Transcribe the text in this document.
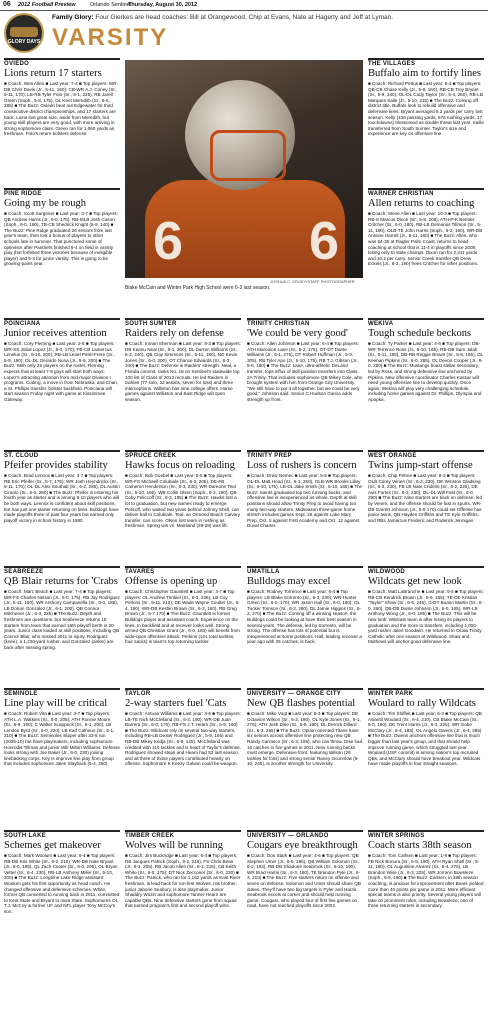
06 2012 Football Preview	Orlando Sentinel
Thursday, August 30, 2012
GLORY DAYS
Family Glory: Four Gierkes are head coaches: Bill at Orangewood, Chip at Evans, Nate at Hagerty and Jeff at Lyman.
VARSITY
6 6
JOSHUA C. CRUEY/STAFF PHOTOGRAPHER
Blake McCain and Winter Park High School were 6-3 last season.
OVIEDO
Lions return 17 starters
■ Coach: Wes Allen ■ Last year: 7-4 ■ Top players: WR-DB Chris Davis (Jr., 5-11, 160); CB-WR A.J. Coney (Sr., 5-11, 170); LB-RB Tyler Foto (Sr., 6-1, 225), RB Jarell Green (Soph., 5-8, 175), OL Kent Meredith (Sr., 6-5, 285) ■ The Buzz: Oviedo beat out Edgewater for third consecutive district championships, and 17 starters are back. Lions lost great size, aside from Meredith, but young skill players are very good, with more arriving in strong sophomore class. Green ran for 1,060 yards as freshman. Foto's return bolsters defense.
PINE RIDGE
Going my be rough
■ Coach: Scott Surgener ■ Last year: 3-7 ■ Top players: QB Andrew Harris (Jr., 6-0, 175), RB-MLB Josh Cason (Soph., 6-0, 160), TB-CB Shedrick Knight (5-9, 140) ■ The Buzz: Pine Ridge graduated 26 seniors from last year's team, then lost a bonus of players to other schools late in summer. That punctured some of optimism after Panthers finished 6-4 on field in varsity play (but forfeited three victories because of ineligible player) and 5-3 for junior varsity. This is going to be growing-pains year.
POINCIANA
Junior receives attention
■ Coach: Cory Fleming ■ Last year: 2-8 ■ Top players: WR-SS Jobal Lopez (Jr., 6-0, 170); FB-CB Lamercus Lenelus (Sr., 5-10, 200); RB-LB Leoel Petrit-Frere (Sr., 5-9, 190); OL-DL Gerardo Nuna (Jr., 5-9, 200) ■ The Buzz: With only 25 players on the roster, Fleming expects that at least 7-8 guys will start both ways. Lopez's attracting attention from mid-major Division I programs. Coding, a move in from Nebraska, and Chan, a St. Phillips transfer, bolster backfield. Poinciana will start season Friday night with game at Kissimmee Gateway.
ST. CLOUD
Pfeifer provides stability
■ Coach: Brad Lennox ■ Last year: 3-7 ■ Top players: RB Eric Pfeifer (Sr., 5-7, 175); WR Josh Heyndrickx (Sr., 5-11, 170); OL-DL Alex Southall (Sr., 6-2, 285), DL Austin Ciraolo (Sr., 6-0, 280) ■ The Buzz: Pfeifer is entering his fourth year as starter and is among 8-10 players who will be both ways. Lennox is confident about skill positions, but has just one starter returning on lines. Bulldogs have made playoffs three of past four years but earned only playoff victory in school history in 1980.
SEABREEZE
QB Blair returns for 'Crabs
■ Coach: Marc Beach ■ Last year: 7-4 ■ Top players: WR-FS Charles Nelson (Jr., 6-0, 175), RB Jay Rodriguez (Jr., 5-11, 180), WR Anthony Campanella (Sr., 6-0, 185), LB Dorian Gonzalez (Jr., 6-1, 200), QB Connor Mitchener (Jr., 6-3, 225) ■ The Buzz: Depth and freshmen are questions, but Seabreeze returns 18 starters from team that earned 16th playoff berth in 20 years. Junior class loaded at skill positions, including QB Connor Blair, who missed 2011 to injury. Rodriguez (knee), a 1,220-yard rusher, and Gonzalez (ankle) are back after missing spring.
SEMINOLE
Line play will be critical
■ Coach: Robert Vita ■ Last year: 3-7 ■ Top players: ATH L.A. Watkins (Sr., 6-0, 205); ATH Ronnie Moore (Sr., 5-9, 160); C Walter Scappeck (Sr., 6-1, 200); LB Lendon Byrd (Sr., 6-0, 220); LB Karl Calhoun (Sr., 6-1, 210) ■ The Buzz: Seminoles slipper after 33-8 run (2008-10) but have playmakers, including sophomore Honrodis Tillman and junior Will Milton Williams. Defense looks strong with Joe Baker (Jr., 6-0, 230) joining linebacking corps. Key is improve line play from group that includes sophomore Jalen Slayback (6-4, 250).
SOUTH LAKE
Schemes get makeover
■ Coach: Mark Woolum ■ Last year: 6-4 ■ Top players: RB-DB Kris White (Sr., 6-2, 210), WR-DB Nate Bryant (Jr., 6-0, 185), QL Zach Cooter (Sr., 6-0, 295), OL Bryan Vetter (Sr., 6-4, 230), RB-LB Anthony Miller (Sr., 5-10, 200) ■ The Buzz: Longtime Lake Ridge assistant Woolum gets his first opportunity as head coach. He changed offensive and defensive schemes. White, former QB converted to running back in 2011, committed to Kent State and Bryant to Iowa State. Sophomores OL T.J. McCoy & former UF and NFL player Tony McCoy's son.
SOUTH SUMTER
Raiders rely on defense
■ Coach: Inman Sherman ■ Last year: 8-3 ■ Top players: DB Keanu Neal (Sr., 6-1, 200), DL Darren Williams (Sr., 6-3, 240), QB Clay Simmons (Sr., 5-11, 180), NG Kevin Jones (Sr., 6-0, 300), OT Chance Edwards (Sr., 6-3, 340) ■ The Buzz: Defense is Raiders' strength. Neal, a Florida commit, ranks No. 18 on Sentinel's statewide top 100 list of Class of 2013 recruits. He led Raiders in tackles (77 solo, 22 assists, seven for loss) and three interceptions. Williston has nine college offers. Home games against Williston and East Ridge will open season.
SPRUCE CREEK
Hawks focus on reloading
■ Coach: Bob Goebel ■ Last year: 5-5 ■ Top players: WR-FS Michaell Colubiale (Sr., 6-3, 205), DE-FB Cameron Henderson (Sr., 6-3, 230), WR Dareone Teal (Sr., 5-10, 165), WB Collin Olsen (Soph., 6-2, 190), QB Coby Feliccoff (Sr., 6-3, 185) ■ The Buzz: Hawks lost a lot to graduation, but new names ready to emerge. Pelicoff, who waited two years behind Johnny Shell, can deliver ball to Colubiale. Teal, an Ormond Beach Calvary transfer, can score. Olsen lost team in rushing as freshman. Spring win vs. Mainland (29-28) was lift.
TAVARES
Offense is opening up
■ Coach: Christopher Gauntlett ■ Last year: 3-7 ■ Top players: OL Andrew Trinkiel (Sr., 6-3, 235), LB Coy Perkins (Sr., 5-11, 210); DE Wade Wayne Coulter (Jr., 6-4, 190), WR-DB Keshin Brown (Sr., 6-2, 160), RB Greg Brown (Jr., 5-7 170) ■ The Buzz: Gauntlett is former Bulldogs player and assistant coach. Experience on the lines. In backfield and at receiver looks well. Strong-armed QB Christian Grant (Jr., 6-0, 180) will benefit from wide-open offensive attack. Perkins (121 total tackles, four sacks) is team's top returning tackler.
TAYLOR
2-way starters fuel 'Cats
■ Coach: Antuan Williams ■ Last year: 3-6 ■ Top players: LB-TE Nick McClelland (Sr., 6-3, 190), WR-DB Juan Barrera (Sr., 6-0, 170), RB-FS J.T. Hearn (Sr., 5-9, 160) ■ The Buzz: Wildcats rely on several two-way starters, including RB-LB Dexter Rodriguez (Jr., 5-9, 165) and RB-DB Mikey Kodja (Sr., 5-9, 145). McClelland was credited with 110 tackles and is heart of Taylor's defense. Rodriguez showed steps and Hearn had 53 last season, and all three of those players contributed heavily on offense. Sophomore K Keezy Galvan could be weapon.
TIMBER CREEK
Wolves will be running
■ Coach: Jim Buckridge ■ Last year: 6-4 ■ Top players: RB Jacques Patrick (Soph., 6-2, 215); FS Chris Bean (Jr., 6-1, 205), RB Jacob Allen (Sr., 6-2, 215); CB Keith White (Sr., 6-0, 175); DT Nick Zecconer (Sr., 6-0, 230) ■ The Buzz: Patrick, who ran for 1,162 yards as East River freshman, is lead back for run-first Wolves. His brother, junior Jaborie Seabury, is also playmaker. Junior Shaddry Wozin and sophomore Tanner Hearn are capable QBs. Nine defensive starters gone from squad that earned program's first and second playoff wins.
TRINITY CHRISTIAN
'We could be very good'
■ Coach: Allen Johnson ■ Last year: 6-4 ■ Top players: ATH Marouion Lane (Sr., 6-2, 175), OT-DT Dante Williams (Jr., 6-1, 275), DT Robert Huffman (Jr., 5-9, 305), RB Tyler Apo (Jr., 5-10, 175), RB T.J. Gibson (Jr., 5-8, 160) ■ The Buzz: Lane, ultra-athletic DeLand transfer, tops influx of skill-position transfers into Class 2A Trinity. That includes sophomore QB Mikey Cole, who brought system with him from Orange City University. "We still have to put it all together, but we could be very good," Johnson said. Senior C Hudson Garcia adds strength up front.
TRINITY PREP
Loss of rushers is concern
■ Coach: Drew Nemec ■ Last year: 5-5 ■ Top players: OL-DL Matt Hood (Sr., 6-1, 250), OLB-WR Brooks Lilley (Sr., 5-10, 175), LB-DL Jake Smith (Sr., 5-10, 165) ■ The Buzz: Saints graduated top two running backs, and offensive line is inexperienced as whole. Depth at skill positions should allow Trinity Prep to avoid having too many two-way starters. Midseason three-game home stretch includes games Sept. 28 against Lake Mary Prep, Oct. 5 against First Academy and Oct. 12 against Duval Charter.
UMATILLA
Bulldogs may excel
■ Coach: Rodney Torrence ■ Last year: 6-4 ■ Top players: LB Blake Sorrento (Sr., 6-3, 230); WR-Hunter Green (Sr., 6-0, 170); WR Jason Hall (Sr., 6-0, 180), OL Tucker Tomson (Sr., 6-2, 280), DL Jamie Higgins (Sr., 6-2, 270) ■ The Buzz: Coming off a winning season, the Bulldogs could be looking at have their best season in several years. The defense, led by Sorrento, will be strong. The offense has lots of potential but is inexperienced at some positions. Hall, leading receiver a year ago with 25 catches, is back.
UNIVERSITY — ORANGE CITY
New QB flashes potential
■ Coach: Mike Vogt ■ Last year: 8-3 ■ Top players: DE Octavion Wilson (Sr., 6-2, 190), OL Kyle Jones (Sr., 6-1, 275); ATH Josh Dise (Sr., 5-9, 180), DL Derrick Dillard (Sr., 6-3, 265) ■ The Buzz: Option-oriented Titans have six seniors across offensive line protecting new QB Randy Carrasco (Sr., 6-3, 195), who can throw. Dise had 16 catches in five games in 2011. New running backs must emerge. Defensive front, featuring Wilson (26 tackles for loss) and strong senior Raney Oconnlow (5-10, 245), is another strength for University.
UNIVERSITY — ORLANDO
Cougars eye breakthrough
■ Coach: Don Stark ■ Last year: 4-6 ■ Top players: QB Stephen Umer (Jr., 6-0, 185), QB William Solomon (Sr., 6-2, 193), RB-DB Shadone Seabrook (Sr., 5-10, 190), WR Brad Harris (Sr., 6-3, 160), TE Brandon Pyle (Jr., 6-3, 210) ■ The Buzz: Five starters return on offense and seven on defense. Solomon and Umer should share QB duties. They'll have two big targets in Pyler and Harris. Seabrook excels at corner and should help running game. Cougars, who played four of first five games on road, have not reached playoffs since 2003.
THE VILLAGES
Buffalo aim to fortify lines
■ Coach: Richard Pettus ■ Last year: 8-4 ■ Top players: QB-CB Chase Kelly (Jr., 5-8, 160), RB-CB Troy Bryant (Sr., 5-9, 140), OL-DL Cody Taylor (Sr., 6-4, 260), RB-LB Marques Saile (Jr., 5-10, 215) ■ The Buzz: Coming off district title, Buffalo look to rebuild offensive and defensive lines. Bryant averaged 9.2 yards per carry last season. Kelly (436 passing yards, 576 rushing yards, 17 touchdowns) blossomed as double threat last year. Saille transferred from South Sumter. Taylor's size and experience are key on offensive line.
WARNER CHRISTIAN
Allen returns to coaching
■ Coach: Steve Allen ■ Last year: 10-3 ■ Top players: RB-S Marcus Dixon (Sr., 5-8, 208); ATH-P-K Bentiss Critcher (Sr., 6-0, 180), RB-LB Demarius Tillmon (Sr., 5-11, 190), OLB-TE John Harris (Soph., 6-2, 190), WR-DB Antoine Harrell (Jr., 5-11, 160) ■ The Buzz: Allen, who was 54-35 at Flagler Palm Coast, returns to head coaching at school that is 11-4 in playoffs since 2008, losing only to state champs. Dixon ran for 2,211 yards and 10.2 per carry. Senior Creek transfer QB Drew Eckels (Jr., 6-2, 190) frees Critcher for other positions.
WEKIVA
Tough schedule beckons
■ Coach: Ty Parker ■ Last year: 4-6 ■ Top players: DB-WR Terrence Ross (Jr., 5-10, 165), RB-DB Sam Jalah (Sr., 5-11, 185), DB-RB Reggie Brown (Sr., 5-8, 165), DL Keenan Pipkins (Sr., 6-0, 285), OL Devon Cooper (Jr., 6-0, 250) ■ The Buzz: Mustangs boast stellar secondary, led by Ross, and strong defensive line anchored by Pipkins. New offensive coordinator Charles Kassar will need young offensive line to develop quickly. Once again, Wekiva will play very challenging schedule, including home games against Dr. Phillips, Olympia and Apopka.
WEST ORANGE
Twins jump-start offense
■ Coach: Chip Petree ■ Last year: 8-3 ■ Top players: OLB Corey Venen (Sr., 6-2, 230), DE Winston Gladsing (Sr., 6-3, 230), FB LB Nate Cridenti (Sr., 6-2, 225), DE Avis Fortes (Sr., 6-2, 230), OL-DL Will Feld (Sr., 6-0, 290) ■ The Buzz: Nine starters are back on defense, led by Venen, and the offense should be fast in spurts. WR-DB Garrett Johnson (Jr., 5-9 170) could set Offense has junior twins, QB Hayden Griffiths and TE Kyle Griffiths, and RBs Jamarcus Frederic and Roderick Jennigan.
WILDWOOD
Wildcats get new look
■ Coach: Matt LaBranche ■ Last year: 6-5 ■ Top players: RB-CB Kendrick Brown (Jr., 5-9, 155); TE-DE Kristian "Taylor" Shaw (Sr., 6-5, 245), G-DT Buann Martin (Sr., 6-0, 260), QB-DB Dante Johnson (Jr., 6-0, 165), WR-LB Anthony Wong (Jr., 6-0, 185) ■ The Buzz: This will be new look: Wildcats team is after losing its players to graduation and the more to transfers, including 1,000-yard rusher Jalen Goodwin. He returned to Ocala Trinity Catholic after one season at Wildwood. Shaw and Mathews will anchor good defensive line.
WINTER PARK
Woulard to rally Wildcats
■ Coach: Tim Shiffeit ■ Last year: 6-3 ■ Top players: QB Asiantil Woulard (Sr., 6-4, 210), CB Blake McCain (Sr., 6-0, 190), DE Trent Harris (Jr., 6-3, 225), WR Gabe McClary (Jr., 6-4, 185), OL Angelo Owens (Jr., 6-4, 285) ■ The Buzz: Owens anchors offensive line that is much bigger than last year's group, and that should help improve running game, which struggled last year. Woulard (USF commit) is among nation's top recruited QBs, and McClary should have breakout year. Wildcats have made playoffs in four straight seasons.
WINTER SPRINGS
Coach starts 38th season
■ Coach: Tom Carlsen ■ Last year: 1-9 ■ Top players: FB Nick Bonura (Sr., 5-9, 190), ATH Ryan Shell (Sr., 5-11, 180), OL Augustine Alvarez (Sr., 6-4, 275), LB Brandon Wise (Jr., 6-3, 225), WR Jorrann Bowsleze (Soph., 5-9, 160) ■ The Buzz: Carlsen, in 38th season coaching, is anxious for improvement after Bears yielded more than 40 points per game in 2011. More efficient special teams is also priority. Several young players will take on prominent roles, including Bowsleze, one of three returning starters in secondary.
